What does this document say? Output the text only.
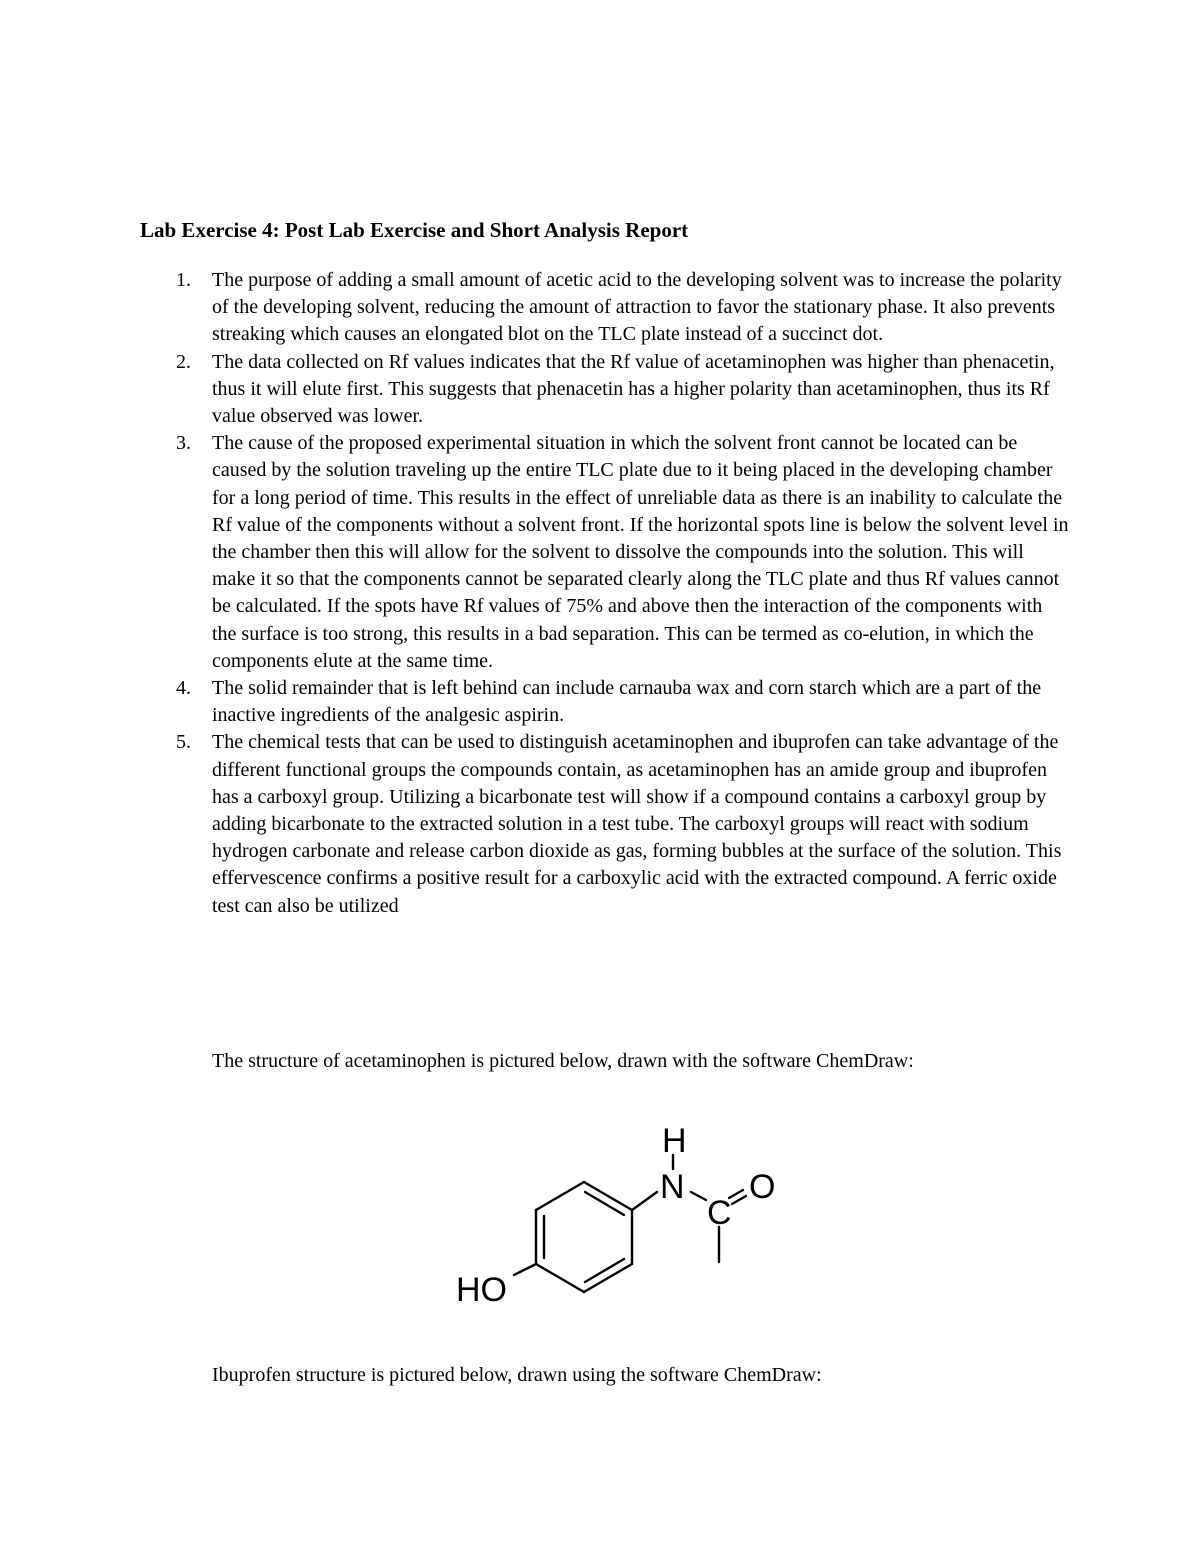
Lab Exercise 4: Post Lab Exercise and Short Analysis Report
1. The purpose of adding a small amount of acetic acid to the developing solvent was to increase the polarity of the developing solvent, reducing the amount of attraction to favor the stationary phase. It also prevents streaking which causes an elongated blot on the TLC plate instead of a succinct dot.
2. The data collected on Rf values indicates that the Rf value of acetaminophen was higher than phenacetin, thus it will elute first. This suggests that phenacetin has a higher polarity than acetaminophen, thus its Rf value observed was lower.
3. The cause of the proposed experimental situation in which the solvent front cannot be located can be caused by the solution traveling up the entire TLC plate due to it being placed in the developing chamber for a long period of time. This results in the effect of unreliable data as there is an inability to calculate the Rf value of the components without a solvent front. If the horizontal spots line is below the solvent level in the chamber then this will allow for the solvent to dissolve the compounds into the solution. This will make it so that the components cannot be separated clearly along the TLC plate and thus Rf values cannot be calculated. If the spots have Rf values of 75% and above then the interaction of the components with the surface is too strong, this results in a bad separation. This can be termed as co-elution, in which the components elute at the same time.
4. The solid remainder that is left behind can include carnauba wax and corn starch which are a part of the inactive ingredients of the analgesic aspirin.
5. The chemical tests that can be used to distinguish acetaminophen and ibuprofen can take advantage of the different functional groups the compounds contain, as acetaminophen has an amide group and ibuprofen has a carboxyl group. Utilizing a bicarbonate test will show if a compound contains a carboxyl group by adding bicarbonate to the extracted solution in a test tube. The carboxyl groups will react with sodium hydrogen carbonate and release carbon dioxide as gas, forming bubbles at the surface of the solution. This effervescence confirms a positive result for a carboxylic acid with the extracted compound. A ferric oxide test can also be utilized
The structure of acetaminophen is pictured below, drawn with the software ChemDraw:
H
N
C
O
HO
Ibuprofen structure is pictured below, drawn using the software ChemDraw:
